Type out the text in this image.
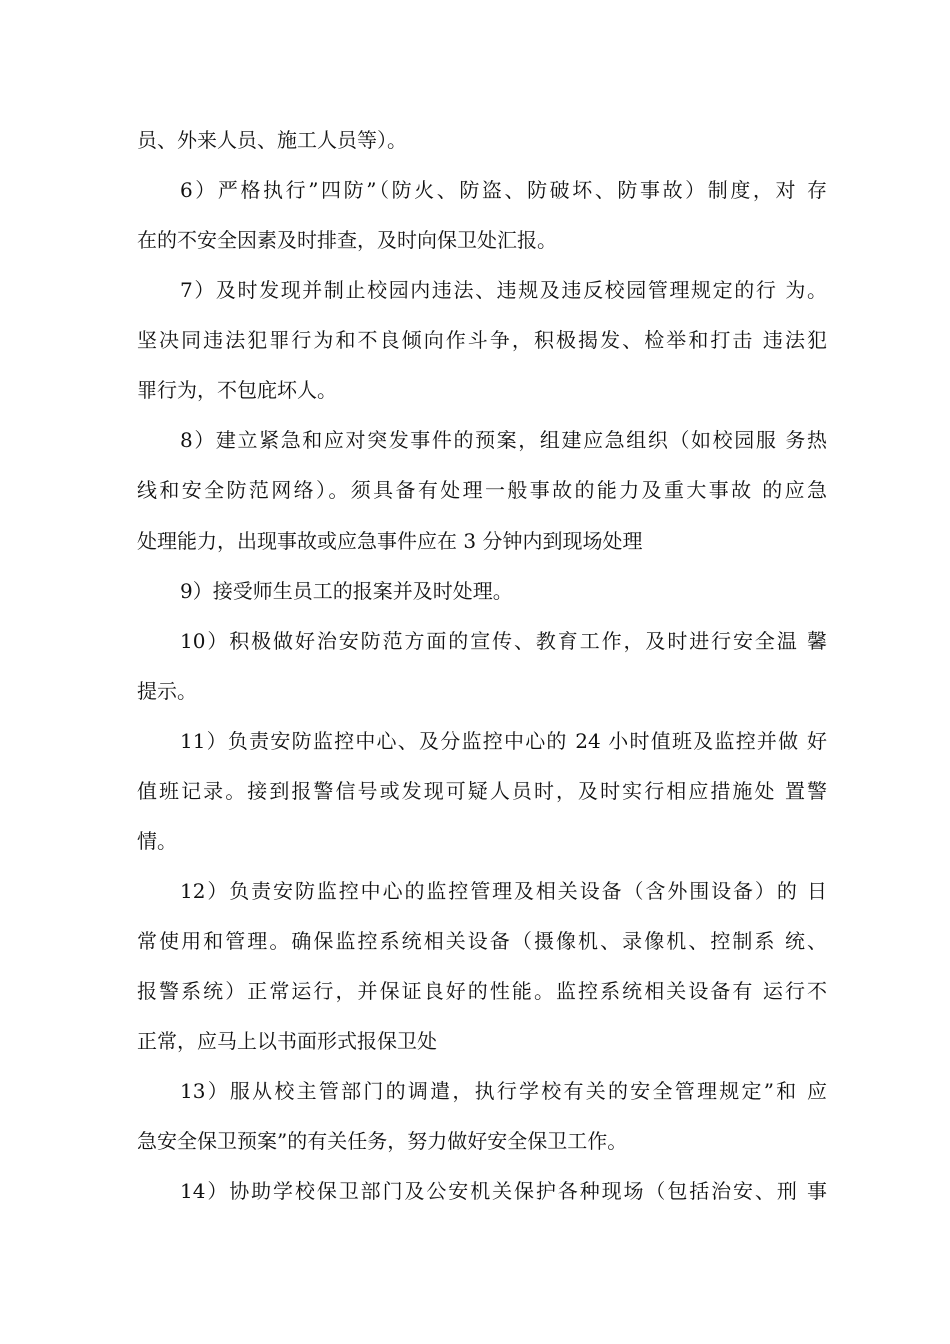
员、外来人员、施工人员等）。

6）严格执行”四防”（防火、防盗、防破坏、防事故）制度，对 存

在的不安全因素及时排查，及时向保卫处汇报。

7）及时发现并制止校园内违法、违规及违反校园管理规定的行 为。

坚决同违法犯罪行为和不良倾向作斗争，积极揭发、检举和打击 违法犯

罪行为，不包庇坏人。

8）建立紧急和应对突发事件的预案，组建应急组织（如校园服 务热

线和安全防范网络）。须具备有处理一般事故的能力及重大事故 的应急

处理能力，出现事故或应急事件应在 3 分钟内到现场处理

9）接受师生员工的报案并及时处理。

10）积极做好治安防范方面的宣传、教育工作，及时进行安全温 馨

提示。

11）负责安防监控中心、及分监控中心的 24 小时值班及监控并做 好

值班记录。接到报警信号或发现可疑人员时，及时实行相应措施处 置警

情。

12）负责安防监控中心的监控管理及相关设备（含外围设备）的 日

常使用和管理。确保监控系统相关设备（摄像机、录像机、控制系 统、

报警系统）正常运行，并保证良好的性能。监控系统相关设备有 运行不

正常，应马上以书面形式报保卫处

13）服从校主管部门的调遣，执行学校有关的安全管理规定”和 应

急安全保卫预案”的有关任务，努力做好安全保卫工作。

14）协助学校保卫部门及公安机关保护各种现场（包括治安、刑 事
